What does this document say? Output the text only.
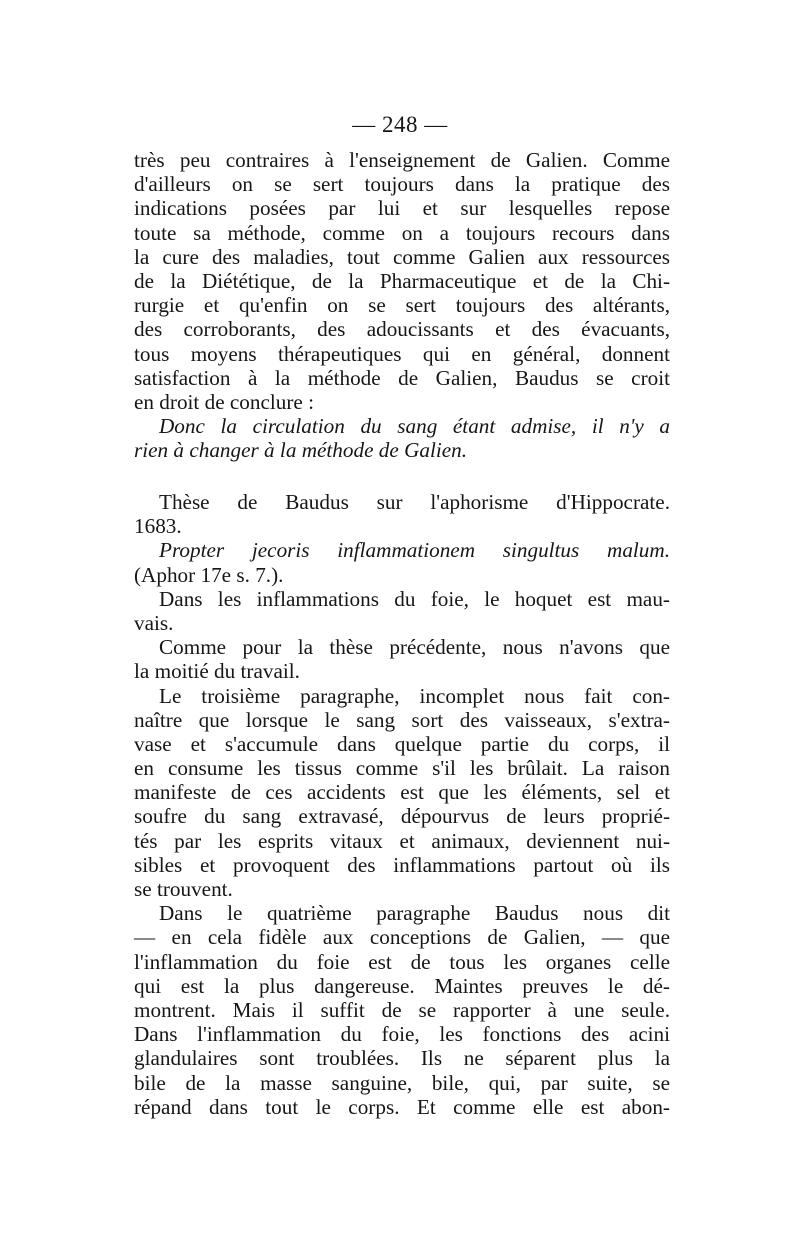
— 248 —
très peu contraires à l'enseignement de Galien. Comme
d'ailleurs on se sert toujours dans la pratique des
indications posées par lui et sur lesquelles repose
toute sa méthode, comme on a toujours recours dans
la cure des maladies, tout comme Galien aux ressources
de la Diététique, de la Pharmaceutique et de la Chi-
rurgie et qu'enfin on se sert toujours des altérants,
des corroborants, des adoucissants et des évacuants,
tous moyens thérapeutiques qui en général, donnent
satisfaction à la méthode de Galien, Baudus se croit
en droit de conclure :
Donc la circulation du sang étant admise, il n'y a
rien à changer à la méthode de Galien.
Thèse de Baudus sur l'aphorisme d'Hippocrate.
1683.
Propter jecoris inflammationem singultus malum.
(Aphor 17e s. 7.).
Dans les inflammations du foie, le hoquet est mau-
vais.
Comme pour la thèse précédente, nous n'avons que
la moitié du travail.
Le troisième paragraphe, incomplet nous fait con-
naître que lorsque le sang sort des vaisseaux, s'extra-
vase et s'accumule dans quelque partie du corps, il
en consume les tissus comme s'il les brûlait. La raison
manifeste de ces accidents est que les éléments, sel et
soufre du sang extravasé, dépourvus de leurs proprié-
tés par les esprits vitaux et animaux, deviennent nui-
sibles et provoquent des inflammations partout où ils
se trouvent.
Dans le quatrième paragraphe Baudus nous dit
— en cela fidèle aux conceptions de Galien, — que
l'inflammation du foie est de tous les organes celle
qui est la plus dangereuse. Maintes preuves le dé-
montrent. Mais il suffit de se rapporter à une seule.
Dans l'inflammation du foie, les fonctions des acini
glandulaires sont troublées. Ils ne séparent plus la
bile de la masse sanguine, bile, qui, par suite, se
répand dans tout le corps. Et comme elle est abon-
